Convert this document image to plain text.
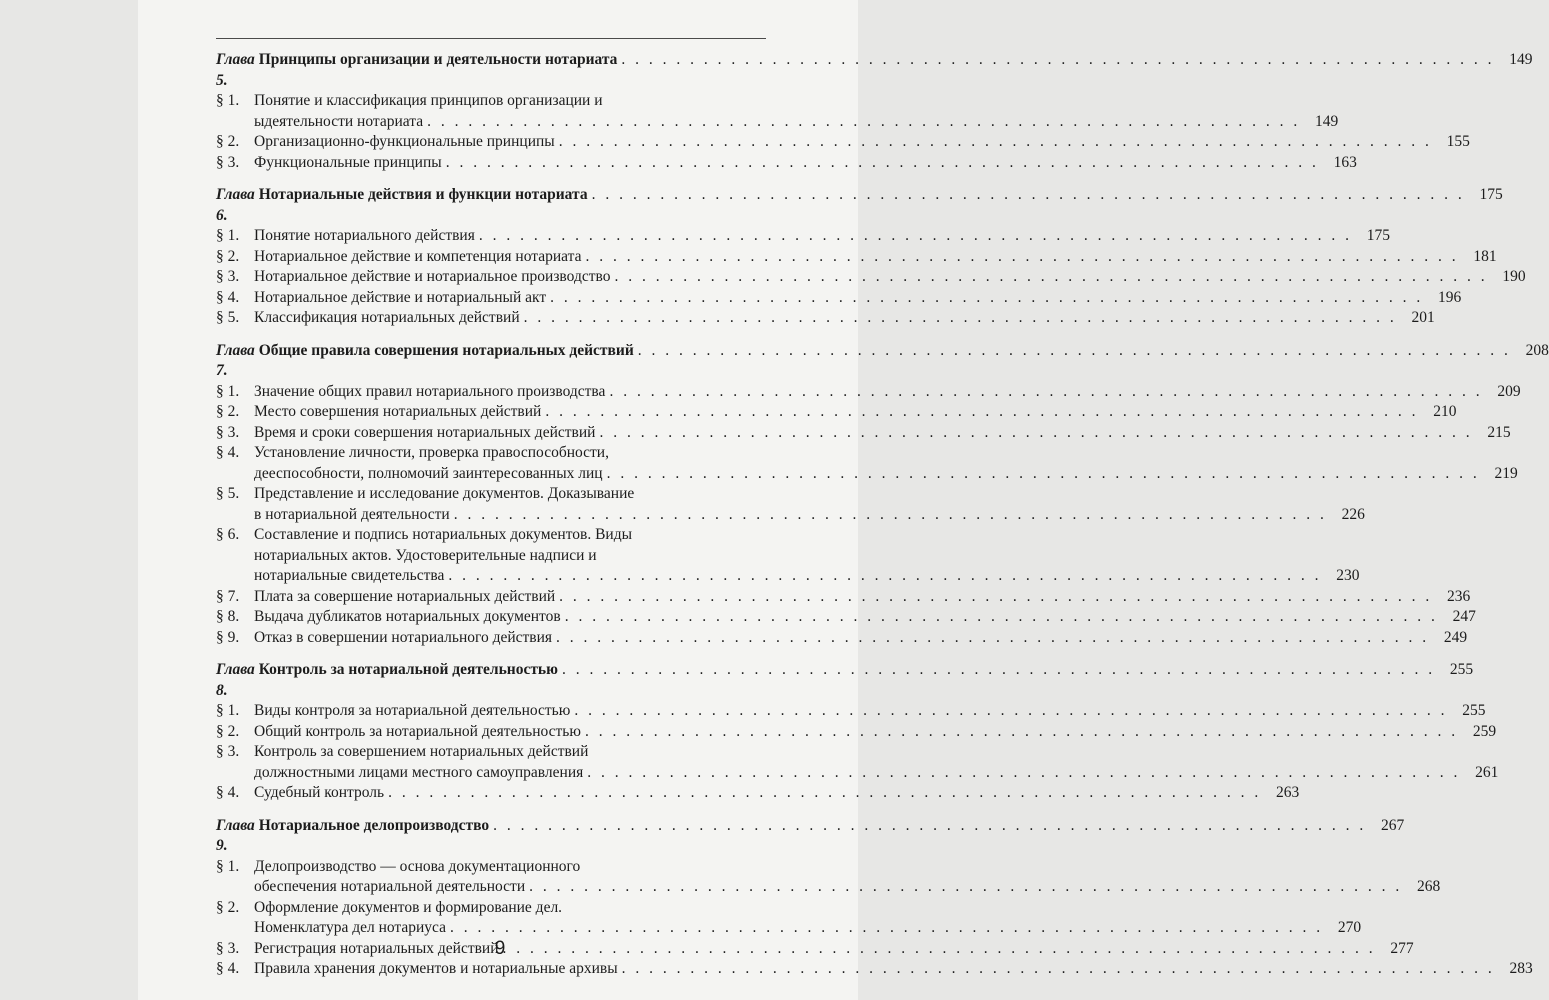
Глава 5.

Принципы организации и деятельности нотариата . . . . . . . . . . . . . . . . . . . . . . . . . . . . . . . . . . . . . . . . . . . . . . . . . . . . . . . . . . . . . . . . 149
§ 1. Понятие и классификация принципов организации и
ыдеятельности нотариата . . . . . . . . . . . . . . . . . . . . . . . . . . . . . . . . . . . . . . . . . . . . . . . . . . . . . . . . . . . . . . . . 149
§ 2. Организационно-функциональные принципы . . . . . . . . . . . . . . . . . . . . . . . . . . . . . . . . . . . . . . . . . . . . . . . . . . . . . . . . . . . . . . . . 155
§ 3. Функциональные принципы . . . . . . . . . . . . . . . . . . . . . . . . . . . . . . . . . . . . . . . . . . . . . . . . . . . . . . . . . . . . . . . . 163
Глава 6.

Нотариальные действия и функции нотариата . . . . . . . . . . . . . . . . . . . . . . . . . . . . . . . . . . . . . . . . . . . . . . . . . . . . . . . . . . . . . . . . 175
§ 1. Понятие нотариального действия . . . . . . . . . . . . . . . . . . . . . . . . . . . . . . . . . . . . . . . . . . . . . . . . . . . . . . . . . . . . . . . . 175
§ 2. Нотариальное действие и компетенция нотариата . . . . . . . . . . . . . . . . . . . . . . . . . . . . . . . . . . . . . . . . . . . . . . . . . . . . . . . . . . . . . . . . 181
§ 3. Нотариальное действие и нотариальное производство . . . . . . . . . . . . . . . . . . . . . . . . . . . . . . . . . . . . . . . . . . . . . . . . . . . . . . . . . . . . . . . . 190
§ 4. Нотариальное действие и нотариальный акт . . . . . . . . . . . . . . . . . . . . . . . . . . . . . . . . . . . . . . . . . . . . . . . . . . . . . . . . . . . . . . . . 196
§ 5. Классификация нотариальных действий . . . . . . . . . . . . . . . . . . . . . . . . . . . . . . . . . . . . . . . . . . . . . . . . . . . . . . . . . . . . . . . . 201
Глава 7.

Общие правила совершения нотариальных действий . . . . . . . . . . . . . . . . . . . . . . . . . . . . . . . . . . . . . . . . . . . . . . . . . . . . . . . . . . . . . . . . 208
§ 1. Значение общих правил нотариального производства . . . . . . . . . . . . . . . . . . . . . . . . . . . . . . . . . . . . . . . . . . . . . . . . . . . . . . . . . . . . . . . . 209
§ 2. Место совершения нотариальных действий . . . . . . . . . . . . . . . . . . . . . . . . . . . . . . . . . . . . . . . . . . . . . . . . . . . . . . . . . . . . . . . . 210
§ 3. Время и сроки совершения нотариальных действий . . . . . . . . . . . . . . . . . . . . . . . . . . . . . . . . . . . . . . . . . . . . . . . . . . . . . . . . . . . . . . . . 215
§ 4. Установление личности, проверка правоспособности,
дееспособности, полномочий заинтересованных лиц . . . . . . . . . . . . . . . . . . . . . . . . . . . . . . . . . . . . . . . . . . . . . . . . . . . . . . . . . . . . . . . . 219
§ 5. Представление и исследование документов. Доказывание
в нотариальной деятельности . . . . . . . . . . . . . . . . . . . . . . . . . . . . . . . . . . . . . . . . . . . . . . . . . . . . . . . . . . . . . . . . 226
§ 6. Составление и подпись нотариальных документов. Виды
нотариальных актов. Удостоверительные надписи и
нотариальные свидетельства . . . . . . . . . . . . . . . . . . . . . . . . . . . . . . . . . . . . . . . . . . . . . . . . . . . . . . . . . . . . . . . . 230
§ 7. Плата за совершение нотариальных действий . . . . . . . . . . . . . . . . . . . . . . . . . . . . . . . . . . . . . . . . . . . . . . . . . . . . . . . . . . . . . . . . 236
§ 8. Выдача дубликатов нотариальных документов . . . . . . . . . . . . . . . . . . . . . . . . . . . . . . . . . . . . . . . . . . . . . . . . . . . . . . . . . . . . . . . . 247
§ 9. Отказ в совершении нотариального действия . . . . . . . . . . . . . . . . . . . . . . . . . . . . . . . . . . . . . . . . . . . . . . . . . . . . . . . . . . . . . . . . 249
Глава 8.

Контроль за нотариальной деятельностью . . . . . . . . . . . . . . . . . . . . . . . . . . . . . . . . . . . . . . . . . . . . . . . . . . . . . . . . . . . . . . . . 255
§ 1. Виды контроля за нотариальной деятельностью . . . . . . . . . . . . . . . . . . . . . . . . . . . . . . . . . . . . . . . . . . . . . . . . . . . . . . . . . . . . . . . . 255
§ 2. Общий контроль за нотариальной деятельностью . . . . . . . . . . . . . . . . . . . . . . . . . . . . . . . . . . . . . . . . . . . . . . . . . . . . . . . . . . . . . . . . 259
§ 3. Контроль за совершением нотариальных действий
должностными лицами местного самоуправления . . . . . . . . . . . . . . . . . . . . . . . . . . . . . . . . . . . . . . . . . . . . . . . . . . . . . . . . . . . . . . . . 261
§ 4. Судебный контроль . . . . . . . . . . . . . . . . . . . . . . . . . . . . . . . . . . . . . . . . . . . . . . . . . . . . . . . . . . . . . . . . 263
Глава 9.

Нотариальное делопроизводство . . . . . . . . . . . . . . . . . . . . . . . . . . . . . . . . . . . . . . . . . . . . . . . . . . . . . . . . . . . . . . . . 267
§ 1. Делопроизводство — основа документационного
обеспечения нотариальной деятельности . . . . . . . . . . . . . . . . . . . . . . . . . . . . . . . . . . . . . . . . . . . . . . . . . . . . . . . . . . . . . . . . 268
§ 2. Оформление документов и формирование дел.
Номенклатура дел нотариуса . . . . . . . . . . . . . . . . . . . . . . . . . . . . . . . . . . . . . . . . . . . . . . . . . . . . . . . . . . . . . . . . 270
§ 3. Регистрация нотариальных действий . . . . . . . . . . . . . . . . . . . . . . . . . . . . . . . . . . . . . . . . . . . . . . . . . . . . . . . . . . . . . . . . 277
§ 4. Правила хранения документов и нотариальные архивы . . . . . . . . . . . . . . . . . . . . . . . . . . . . . . . . . . . . . . . . . . . . . . . . . . . . . . . . . . . . . . . . 283
9
